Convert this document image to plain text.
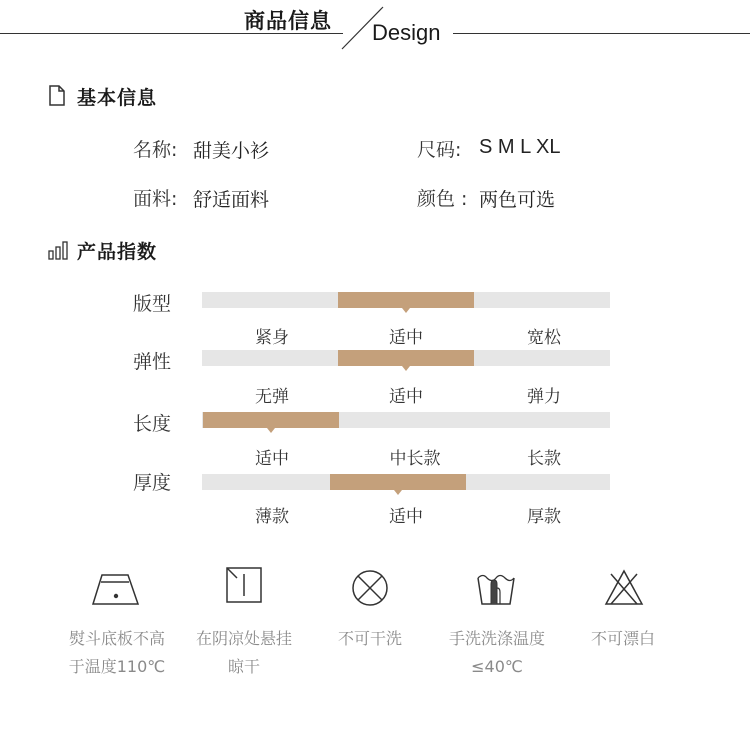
商品信息 Design
基本信息
名称: 甜美小衫	尺码: S M L XL
面料: 舒适面料	颜色 : 两色可选
产品指数
版型
紧身	适中	宽松
弹性
无弹	适中	弹力
长度
适中	中长款	长款
厚度
薄款	适中	厚款
熨斗底板不高
于温度110℃
在阴凉处悬挂
晾干
不可干洗	手洗洗涤温度
≤40℃
不可漂白
